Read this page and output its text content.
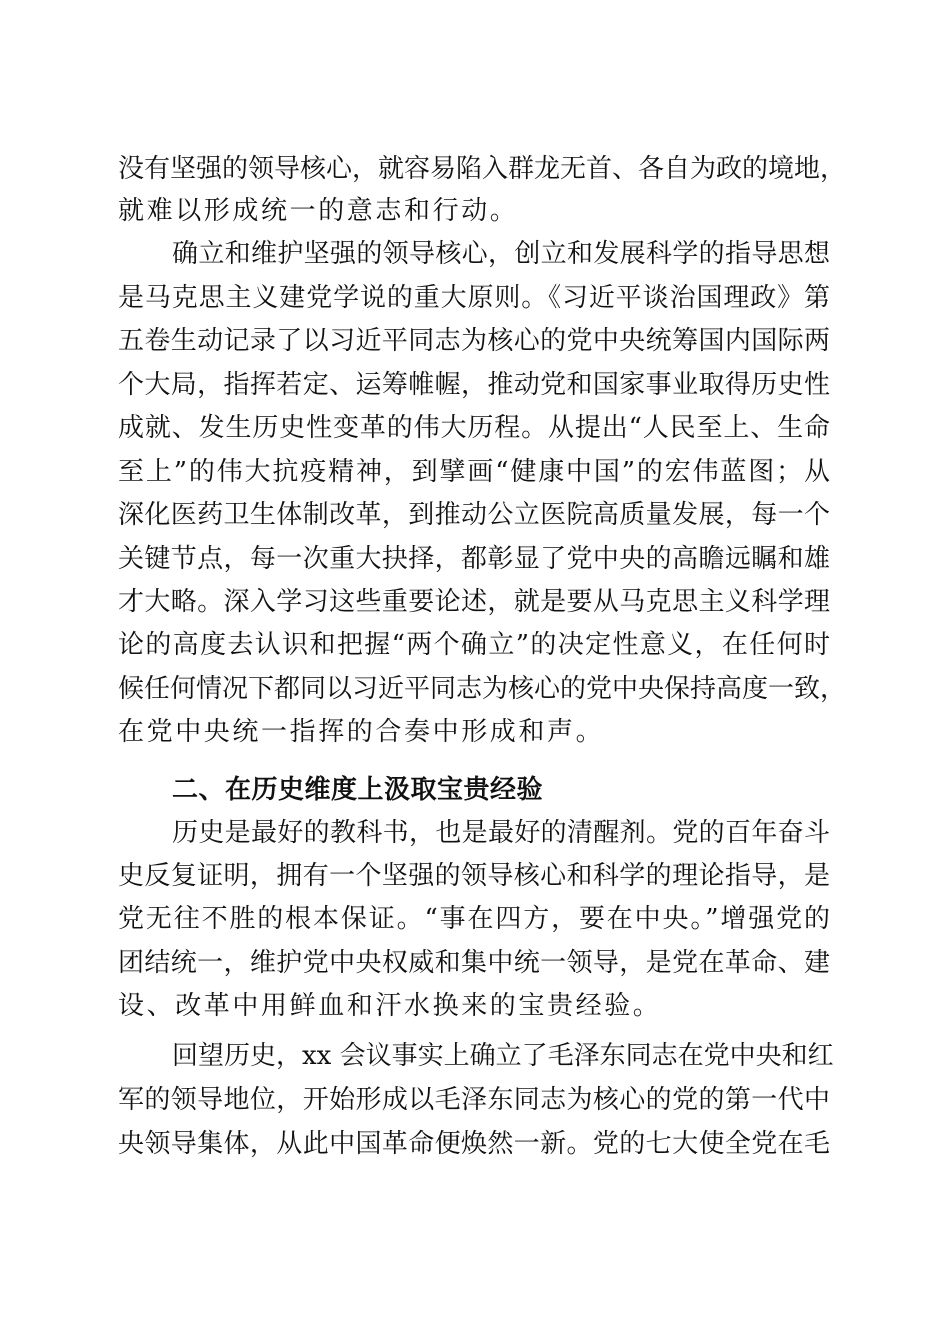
没有坚强的领导核心，就容易陷入群龙无首、各自为政的境地，
就难以形成统一的意志和行动。
确立和维护坚强的领导核心，创立和发展科学的指导思想
是马克思主义建党学说的重大原则。《习近平谈治国理政》第
五卷生动记录了以习近平同志为核心的党中央统筹国内国际两
个大局，指挥若定、运筹帷幄，推动党和国家事业取得历史性
成就、发生历史性变革的伟大历程。从提出“人民至上、生命
至上”的伟大抗疫精神，到擘画“健康中国”的宏伟蓝图；从
深化医药卫生体制改革，到推动公立医院高质量发展，每一个
关键节点，每一次重大抉择，都彰显了党中央的高瞻远瞩和雄
才大略。深入学习这些重要论述，就是要从马克思主义科学理
论的高度去认识和把握“两个确立”的决定性意义，在任何时
候任何情况下都同以习近平同志为核心的党中央保持高度一致，
在党中央统一指挥的合奏中形成和声。
二、在历史维度上汲取宝贵经验
历史是最好的教科书，也是最好的清醒剂。党的百年奋斗
史反复证明，拥有一个坚强的领导核心和科学的理论指导，是
党无往不胜的根本保证。“事在四方，要在中央。”增强党的
团结统一，维护党中央权威和集中统一领导，是党在革命、建
设、改革中用鲜血和汗水换来的宝贵经验。
回望历史，xx 会议事实上确立了毛泽东同志在党中央和红
军的领导地位，开始形成以毛泽东同志为核心的党的第一代中
央领导集体，从此中国革命便焕然一新。党的七大使全党在毛
